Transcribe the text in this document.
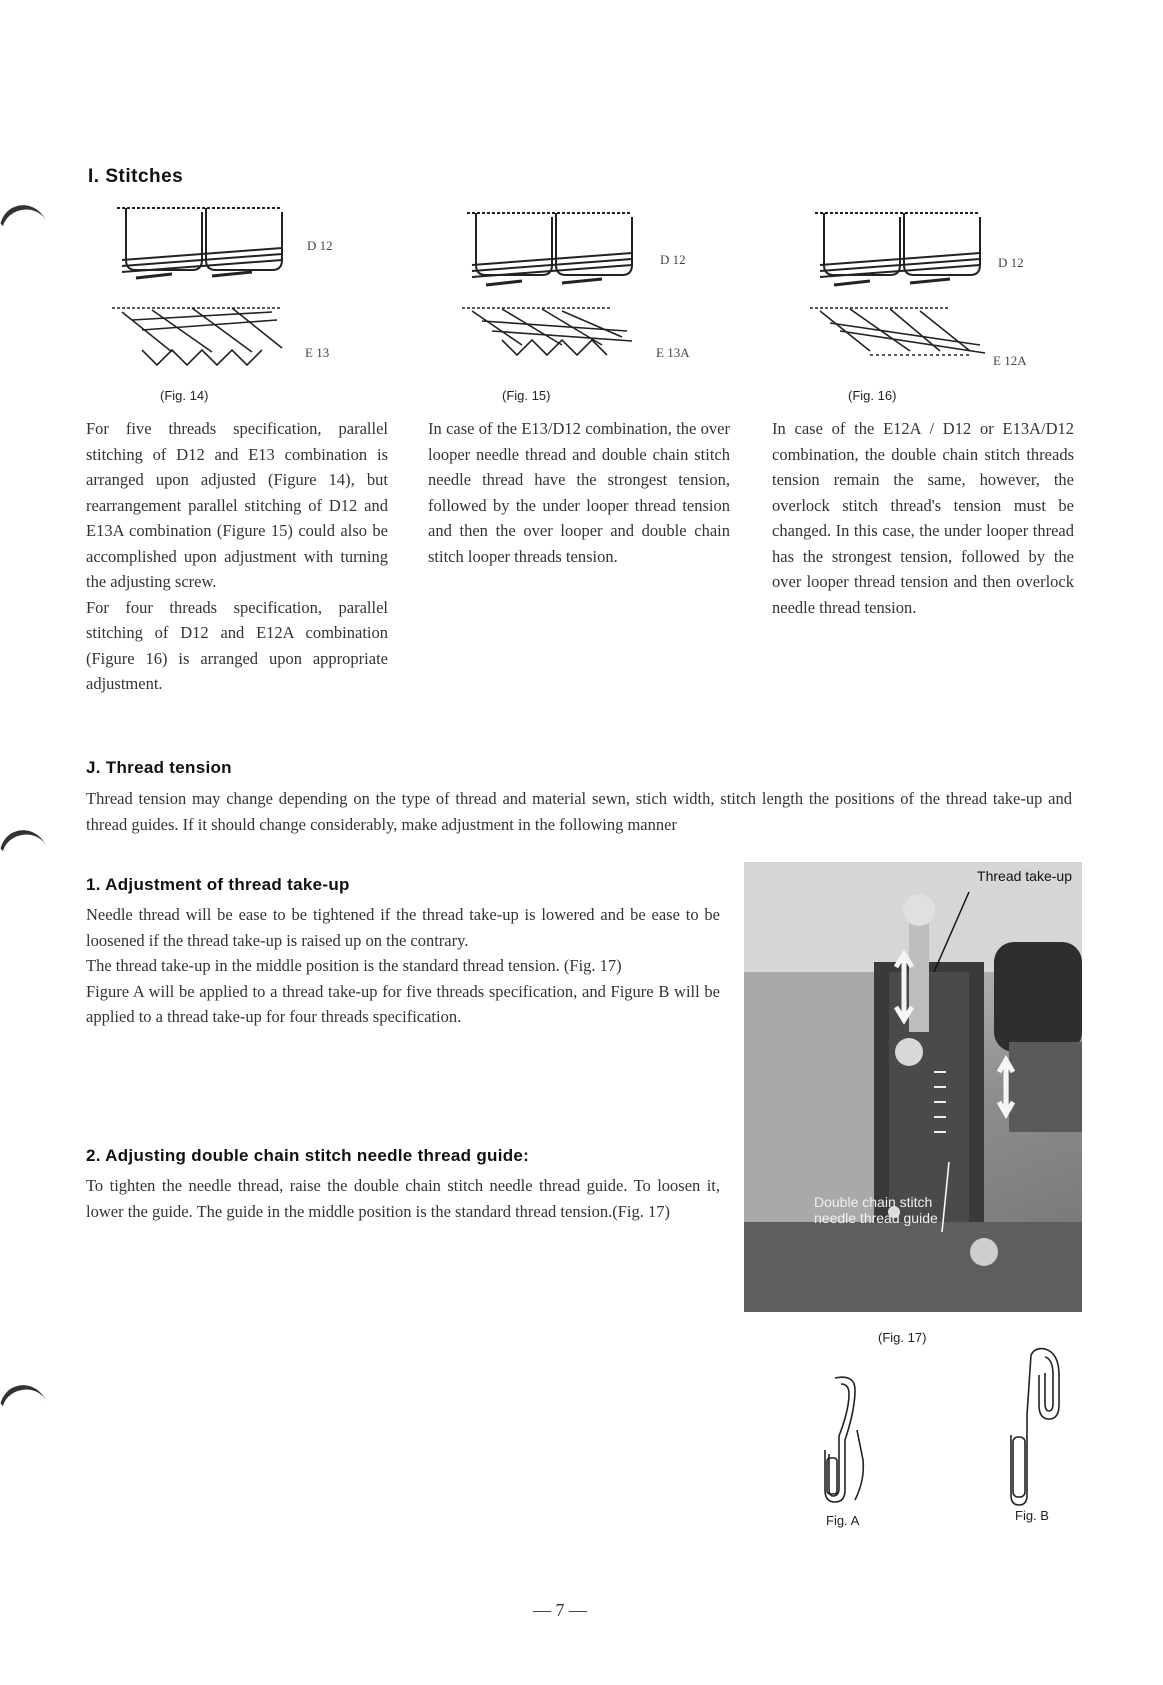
I. Stitches
D 12
E 13
(Fig. 14)
D 12
E 13A
(Fig. 15)
D 12
E 12A
(Fig. 16)

For five threads specification, parallel stitching of D12 and E13 combination is arranged upon adjusted (Figure 14), but rearrangement parallel stitching of D12 and E13A combination (Figure 15) could also be accomplished upon adjustment with turning the adjusting screw.

For four threads specification, parallel stitching of D12 and E12A combination (Figure 16) is arranged upon appropriate adjustment.

In case of the E13/D12 combination, the over looper needle thread and double chain stitch needle thread have the strongest tension, followed by the under looper thread tension and then the over looper and double chain stitch looper threads tension.

In case of the E12A / D12 or E13A/D12 combination, the double chain stitch threads tension remain the same, however, the overlock stitch thread's tension must be changed. In this case, the under looper thread has the strongest tension, followed by the over looper thread tension and then overlock needle thread tension.

J. Thread tension
Thread tension may change depending on the type of thread and material sewn, stich width, stitch length the positions of the thread take-up and thread guides. If it should change considerably, make adjustment in the following manner
1. Adjustment of thread take-up

Needle thread will be ease to be tightened if the thread take-up is lowered and be ease to be loosened if the thread take-up is raised up on the contrary.

The thread take-up in the middle position is the standard thread tension. (Fig. 17)

Figure A will be applied to a thread take-up for five threads specification, and Figure B will be applied to a thread take-up for four threads specification.

2. Adjusting double chain stitch needle thread guide:

To tighten the needle thread, raise the double chain stitch needle thread guide. To loosen it, lower the guide. The guide in the middle position is the standard thread tension.(Fig. 17)

Thread take-up
Double chain stitch
needle thread guide
(Fig. 17)
Fig. A	Fig. B
— 7 —
